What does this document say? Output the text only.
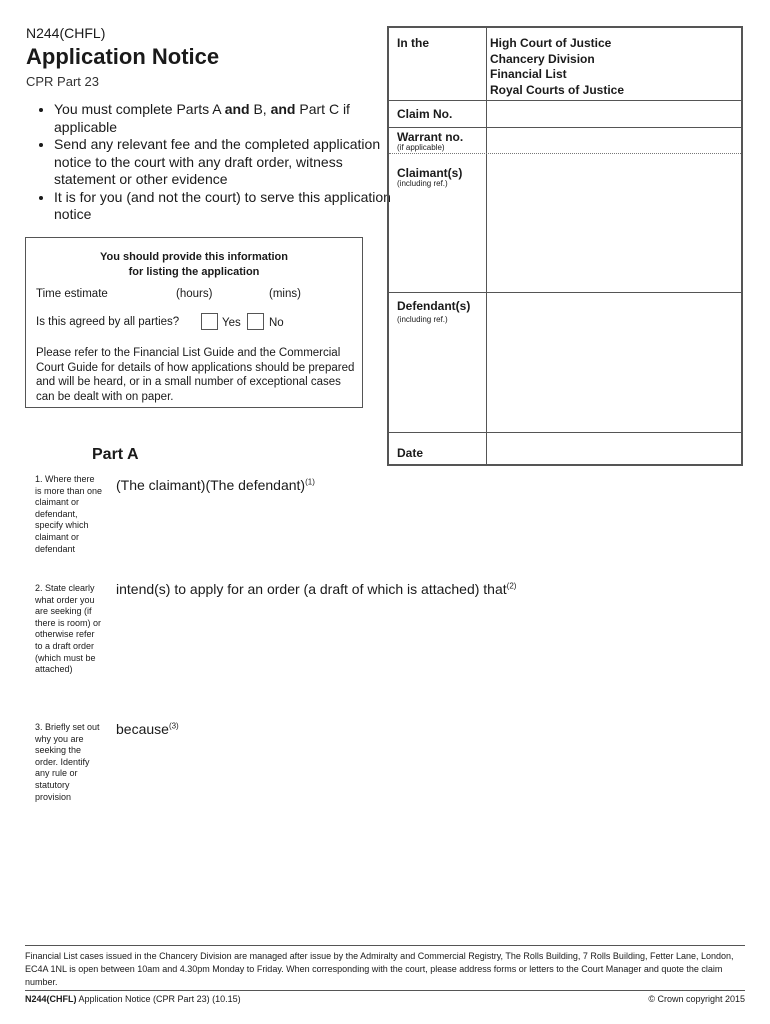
N244(CHFL)
Application Notice
CPR Part 23
• You must complete Parts A and B, and Part C if applicable
• Send any relevant fee and the completed application notice to the court with any draft order, witness statement or other evidence
• It is for you (and not the court) to serve this application notice
You should provide this information
for listing the application
Time estimate	(hours)	(mins)
Is this agreed by all parties?	Yes No
Please refer to the Financial List Guide and the Commercial Court Guide for details of how applications should be prepared and will be heard, or in a small number of exceptional cases can be dealt with on paper.
In the	High Court of Justice
Chancery Division
Financial List
Royal Courts of Justice
Claim No.
Warrant no.
(if applicable)
Claimant(s)
(including ref.)
Defendant(s)
(including ref.)
Date
Part A
1. Where there is more than one claimant or defendant, specify which claimant or defendant
(The claimant)(The defendant)$^{(1)}$
2. State clearly what order you are seeking (if there is room) or otherwise refer to a draft order (which must be attached)
intend(s) to apply for an order (a draft of which is attached) that$^{(2)}$
3. Briefly set out why you are seeking the order. Identify any rule or statutory provision
because$^{(3)}$
Financial List cases issued in the Chancery Division are managed after issue by the Admiralty and Commercial Registry, The Rolls Building, 7 Rolls Building, Fetter Lane, London, EC4A 1NL is open between 10am and 4.30pm Monday to Friday. When corresponding with the court, please address forms or letters to the Court Manager and quote the claim number.
N244(CHFL) Application Notice (CPR Part 23) (10.15)	© Crown copyright 2015
